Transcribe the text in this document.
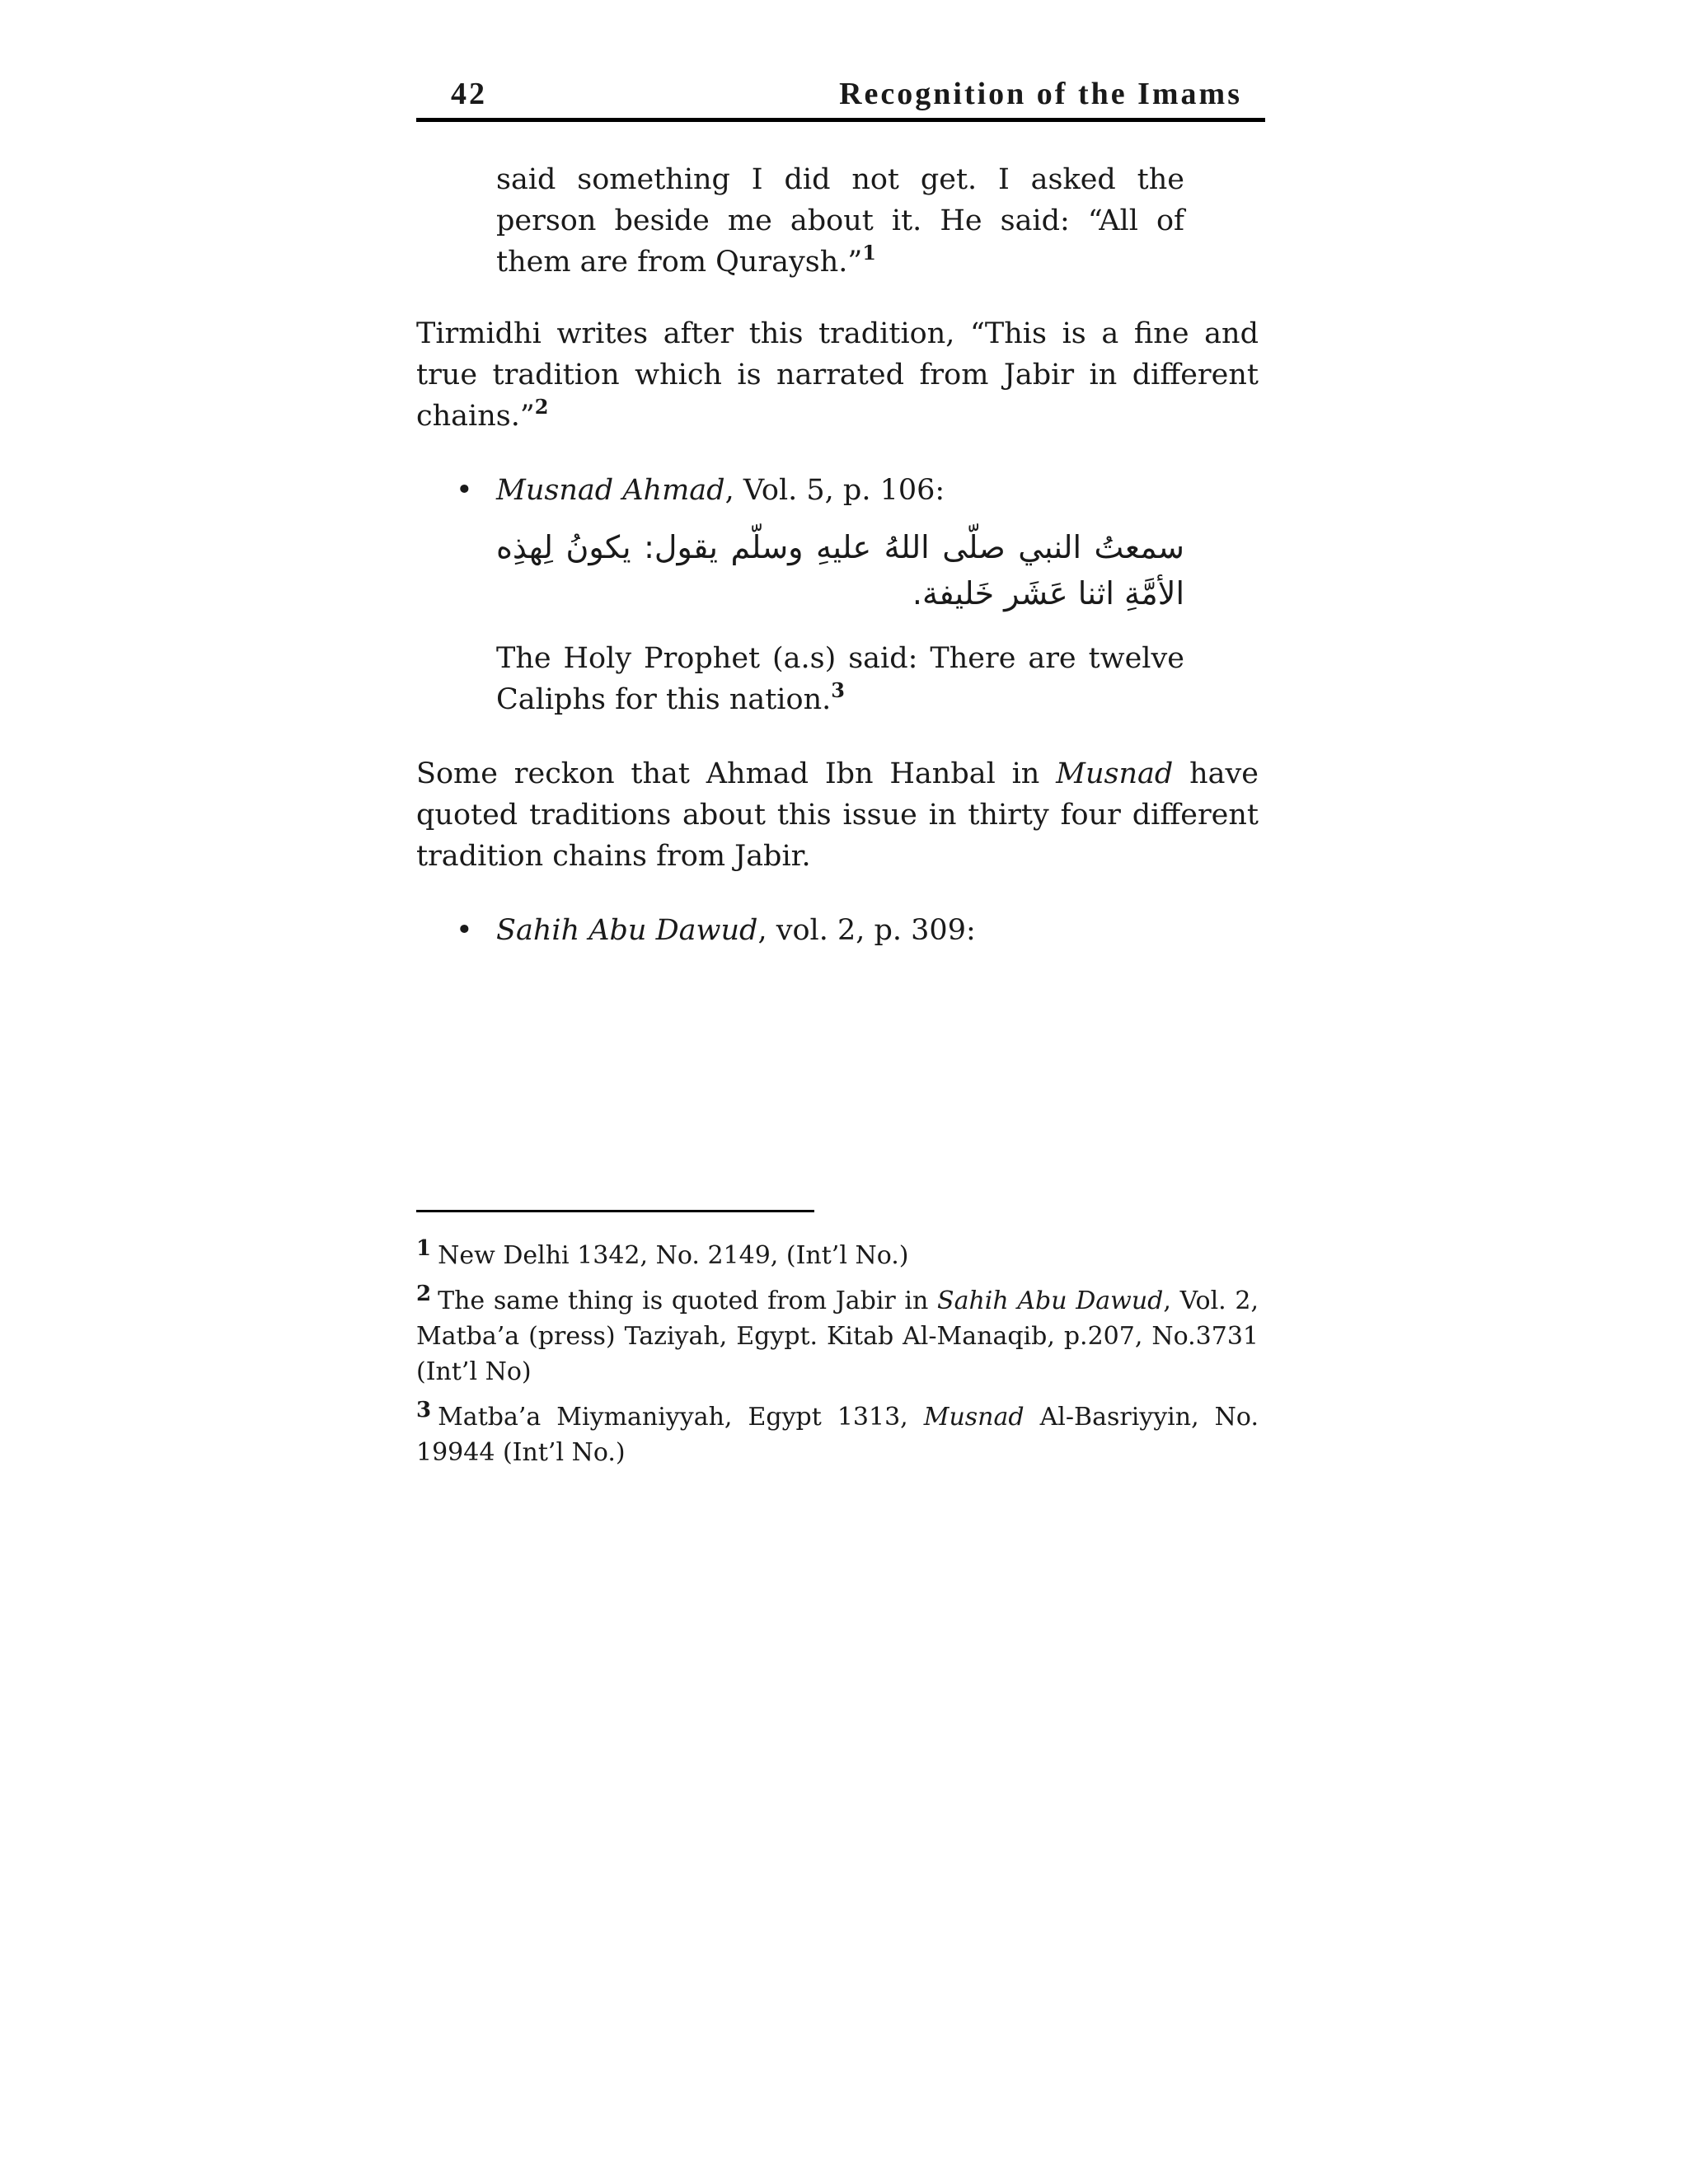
42	Recognition of the Imams
said something I did not get. I asked the person beside me about it. He said: “All of them are from Quraysh.”$^1$
Tirmidhi writes after this tradition, “This is a fine and true tradition which is narrated from Jabir in different chains.”$^2$
• Musnad Ahmad, Vol. 5, p. 106:
سمعتُ النبي صلّى اللهُ عليهِ وسلّم يقول: يكونُ لِهذِه الأمَّةِ اثنا عَشَر خَليفة.
The Holy Prophet (a.s) said: There are twelve Caliphs for this nation.$^3$
Some reckon that Ahmad Ibn Hanbal in Musnad have quoted traditions about this issue in thirty four different tradition chains from Jabir.
• Sahih Abu Dawud, vol. 2, p. 309:
1 New Delhi 1342, No. 2149, (Int’l No.)
2 The same thing is quoted from Jabir in Sahih Abu Dawud, Vol. 2, Matba’a (press) Taziyah, Egypt. Kitab Al-Manaqib, p.207, No.3731 (Int’l No)
3 Matba’a Miymaniyyah, Egypt 1313, Musnad Al-Basriyyin, No. 19944 (Int’l No.)
